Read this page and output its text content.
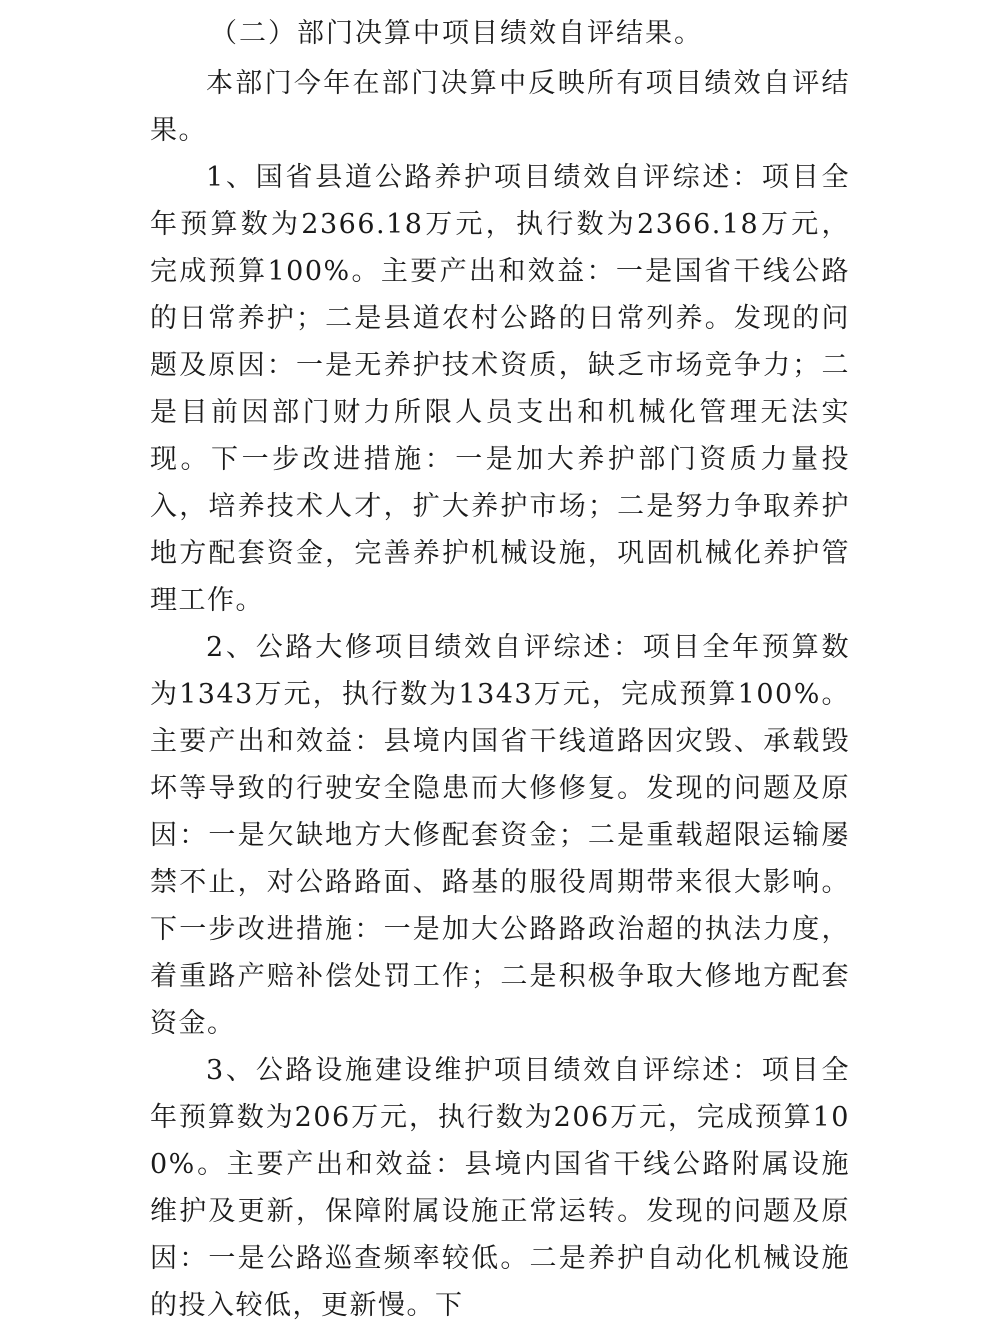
（二）部门决算中项目绩效自评结果。

本部门今年在部门决算中反映所有项目绩效自评结果。

1、国省县道公路养护项目绩效自评综述：项目全年预算数为2366.18万元，执行数为2366.18万元，完成预算100%。主要产出和效益：一是国省干线公路的日常养护；二是县道农村公路的日常列养。发现的问题及原因：一是无养护技术资质，缺乏市场竞争力；二是目前因部门财力所限人员支出和机械化管理无法实现。下一步改进措施：一是加大养护部门资质力量投入，培养技术人才，扩大养护市场；二是努力争取养护地方配套资金，完善养护机械设施，巩固机械化养护管理工作。

2、公路大修项目绩效自评综述：项目全年预算数为1343万元，执行数为1343万元，完成预算100%。主要产出和效益：县境内国省干线道路因灾毁、承载毁坏等导致的行驶安全隐患而大修修复。发现的问题及原因：一是欠缺地方大修配套资金；二是重载超限运输屡禁不止，对公路路面、路基的服役周期带来很大影响。下一步改进措施：一是加大公路路政治超的执法力度，着重路产赔补偿处罚工作；二是积极争取大修地方配套资金。

3、公路设施建设维护项目绩效自评综述：项目全年预算数为206万元，执行数为206万元，完成预算100%。主要产出和效益：县境内国省干线公路附属设施维护及更新，保障附属设施正常运转。发现的问题及原因：一是公路巡查频率较低。二是养护自动化机械设施的投入较低，更新慢。下
